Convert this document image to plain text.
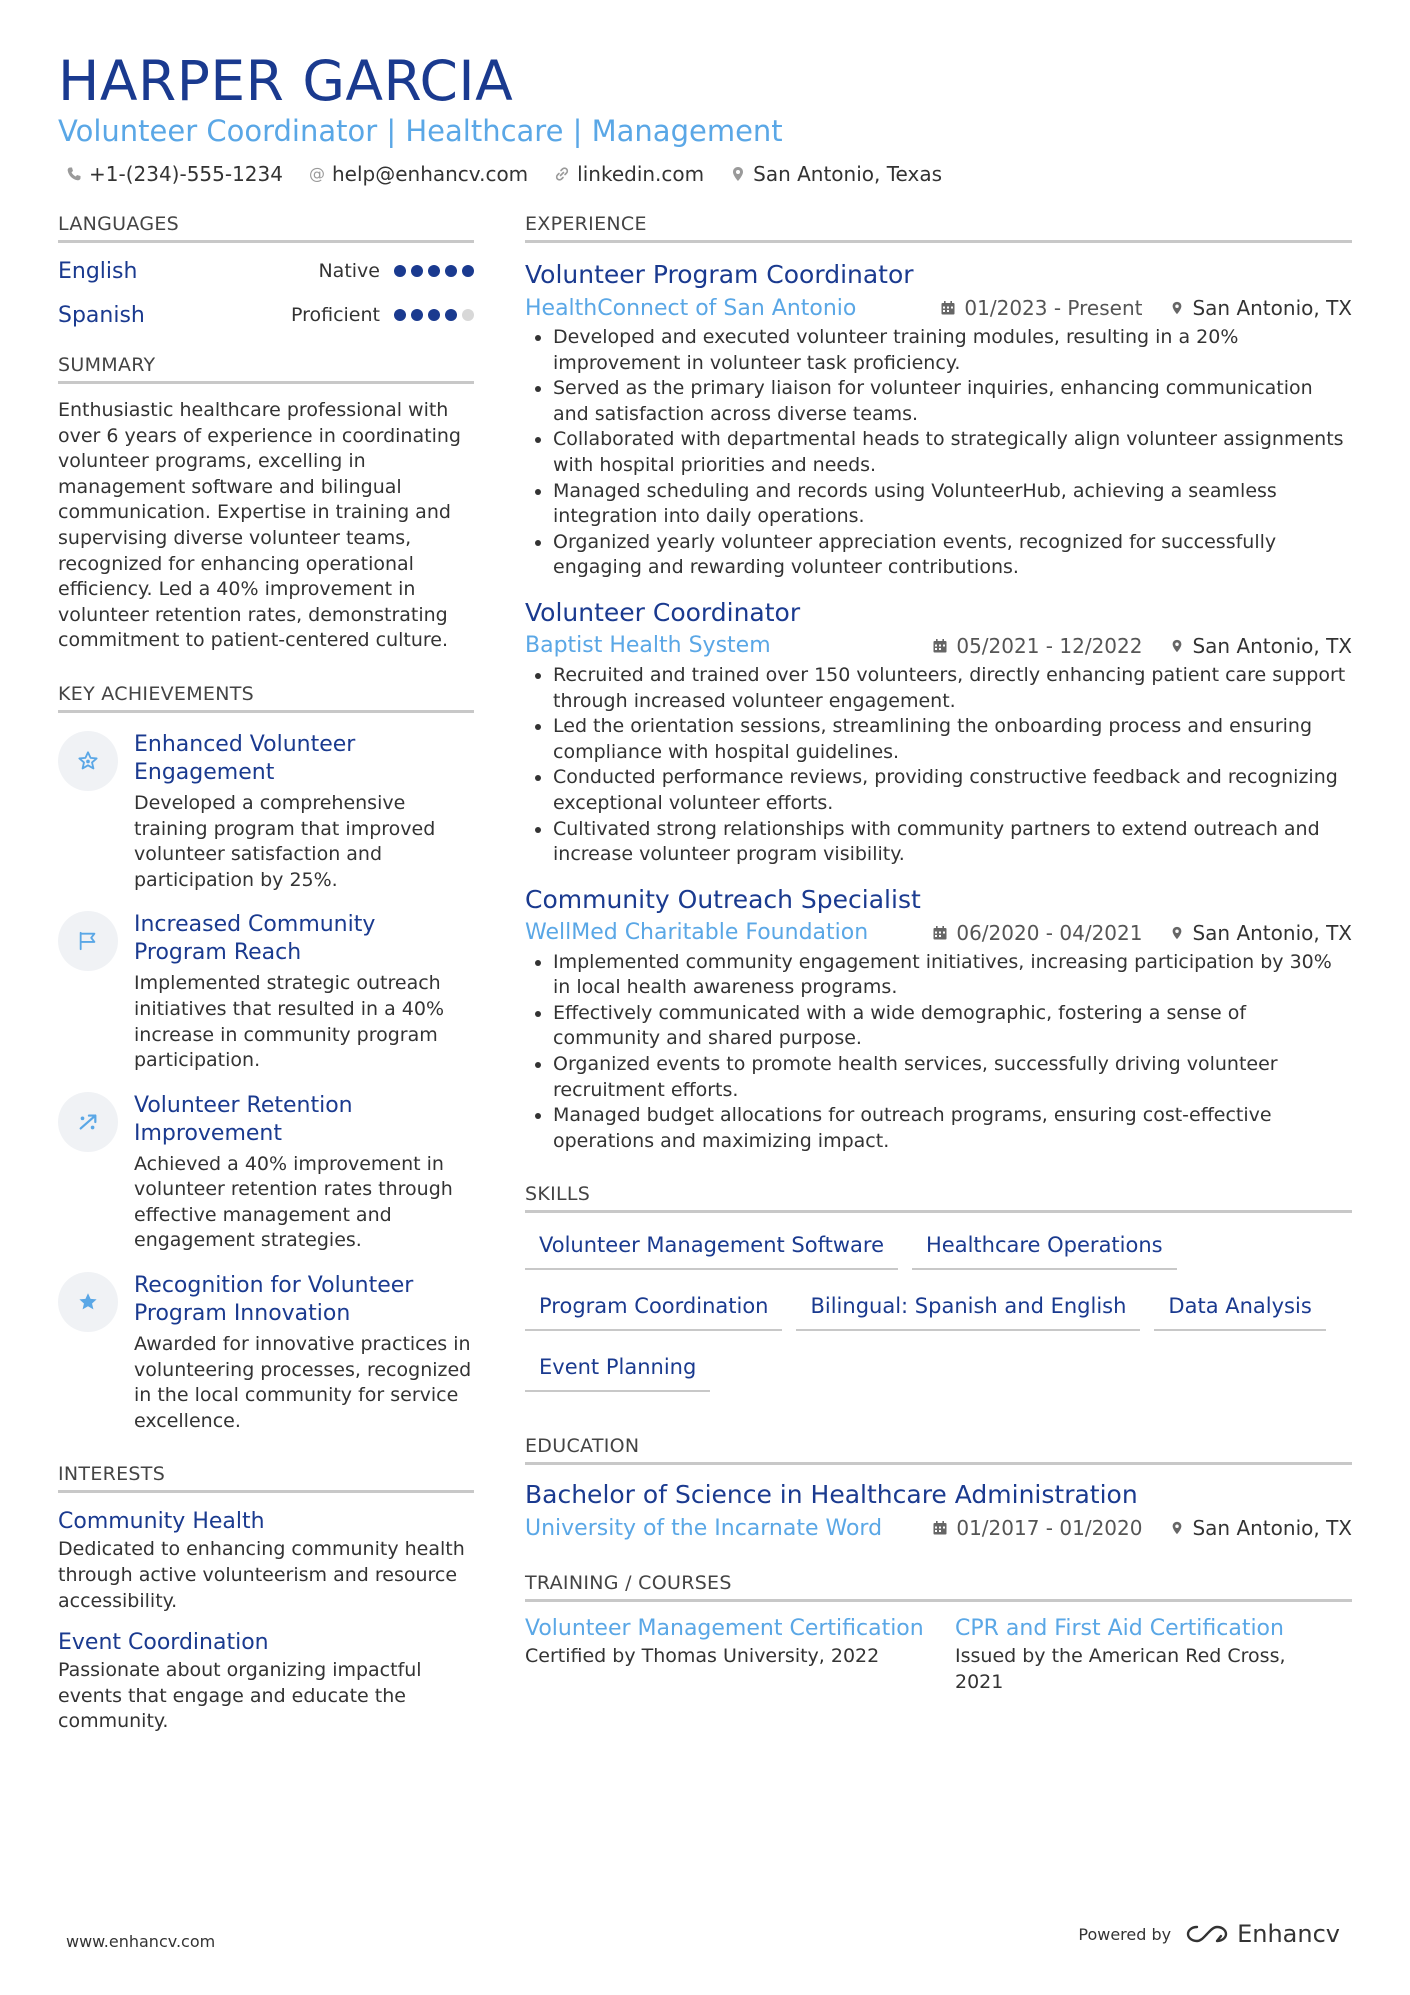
HARPER GARCIA
Volunteer Coordinator | Healthcare | Management
+1-(234)-555-1234 @ help@enhancv.com linkedin.com San Antonio, Texas
LANGUAGES
English	Native
Spanish	Proficient
SUMMARY
Enthusiastic healthcare professional with over 6 years of experience in coordinating volunteer programs, excelling in management software and bilingual communication. Expertise in training and supervising diverse volunteer teams, recognized for enhancing operational efficiency. Led a 40% improvement in volunteer retention rates, demonstrating commitment to patient-centered culture.
KEY ACHIEVEMENTS
Enhanced Volunteer Engagement
Developed a comprehensive training program that improved volunteer satisfaction and participation by 25%.
Increased Community Program Reach
Implemented strategic outreach initiatives that resulted in a 40% increase in community program participation.
Volunteer Retention Improvement
Achieved a 40% improvement in volunteer retention rates through effective management and engagement strategies.
Recognition for Volunteer Program Innovation
Awarded for innovative practices in volunteering processes, recognized in the local community for service excellence.
INTERESTS
Community Health
Dedicated to enhancing community health through active volunteerism and resource accessibility.
Event Coordination
Passionate about organizing impactful events that engage and educate the community.
EXPERIENCE
Volunteer Program Coordinator
HealthConnect of San Antonio	01/2023 - Present	San Antonio, TX
• Developed and executed volunteer training modules, resulting in a 20% improvement in volunteer task proficiency.
• Served as the primary liaison for volunteer inquiries, enhancing communication and satisfaction across diverse teams.
• Collaborated with departmental heads to strategically align volunteer assignments with hospital priorities and needs.
• Managed scheduling and records using VolunteerHub, achieving a seamless integration into daily operations.
• Organized yearly volunteer appreciation events, recognized for successfully engaging and rewarding volunteer contributions.
Volunteer Coordinator
Baptist Health System	05/2021 - 12/2022	San Antonio, TX
• Recruited and trained over 150 volunteers, directly enhancing patient care support through increased volunteer engagement.
• Led the orientation sessions, streamlining the onboarding process and ensuring compliance with hospital guidelines.
• Conducted performance reviews, providing constructive feedback and recognizing exceptional volunteer efforts.
• Cultivated strong relationships with community partners to extend outreach and increase volunteer program visibility.
Community Outreach Specialist
WellMed Charitable Foundation	06/2020 - 04/2021	San Antonio, TX
• Implemented community engagement initiatives, increasing participation by 30% in local health awareness programs.
• Effectively communicated with a wide demographic, fostering a sense of community and shared purpose.
• Organized events to promote health services, successfully driving volunteer recruitment efforts.
• Managed budget allocations for outreach programs, ensuring cost-effective operations and maximizing impact.
SKILLS
Volunteer Management Software	Healthcare Operations
Program Coordination	Bilingual: Spanish and English	Data Analysis
Event Planning
EDUCATION
Bachelor of Science in Healthcare Administration
University of the Incarnate Word	01/2017 - 01/2020	San Antonio, TX
TRAINING / COURSES
Volunteer Management Certification
Certified by Thomas University, 2022
CPR and First Aid Certification
Issued by the American Red Cross, 2021
www.enhancv.com	Powered by	Enhancv
